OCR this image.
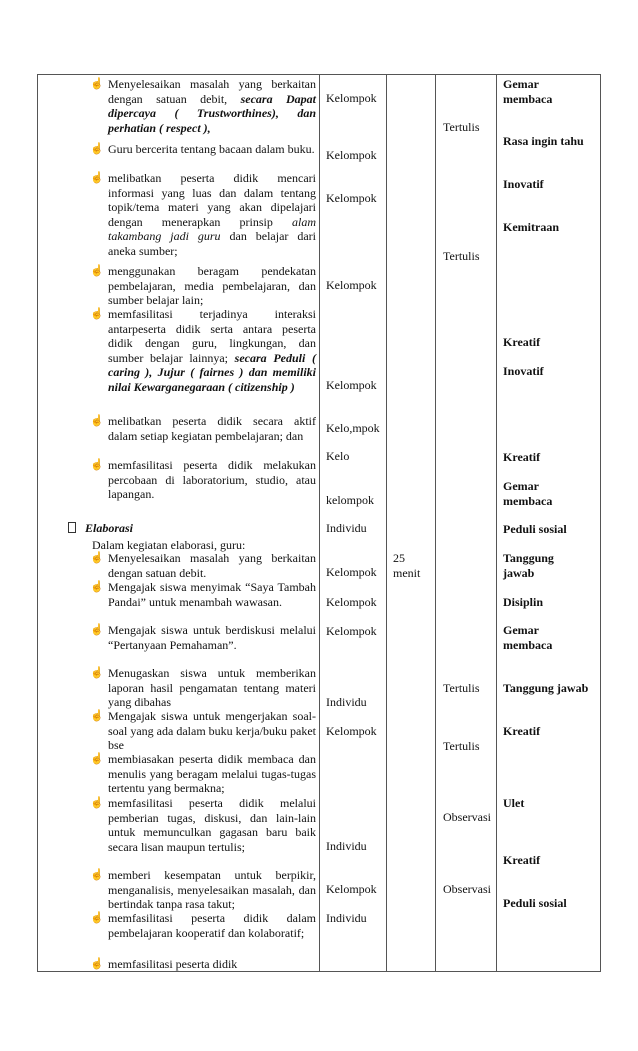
☝ Menyelesaikan masalah yang berkaitan dengan satuan debit, secara Dapat dipercaya ( Trustworthines), dan perhatian ( respect ),
☝ Guru bercerita tentang bacaan dalam buku.
☝ melibatkan peserta didik mencari informasi yang luas dan dalam tentang topik/tema materi yang akan dipelajari dengan menerapkan prinsip alam takambang jadi guru dan belajar dari aneka sumber;
☝ menggunakan beragam pendekatan pembelajaran, media pembelajaran, dan sumber belajar lain;
☝ memfasilitasi terjadinya interaksi antarpeserta didik serta antara peserta didik dengan guru, lingkungan, dan sumber belajar lainnya; secara Peduli ( caring ), Jujur ( fairnes ) dan memiliki nilai Kewarganegaraan ( citizenship )
☝ melibatkan peserta didik secara aktif dalam setiap kegiatan pembelajaran; dan
☝ memfasilitasi peserta didik melakukan percobaan di laboratorium, studio, atau lapangan.
☝ Menyelesaikan masalah yang berkaitan dengan satuan debit.
☝ Mengajak siswa menyimak “Saya Tambah Pandai” untuk menambah wawasan.
☝ Mengajak siswa untuk berdiskusi melalui “Pertanyaan Pemahaman”.
☝ Menugaskan siswa untuk memberikan laporan hasil pengamatan tentang materi yang dibahas
☝ Mengajak siswa untuk mengerjakan soal-soal yang ada dalam buku kerja/buku paket bse
☝ membiasakan peserta didik membaca dan menulis yang beragam melalui tugas-tugas tertentu yang bermakna;
☝ memfasilitasi peserta didik melalui pemberian tugas, diskusi, dan lain-lain untuk memunculkan gagasan baru baik secara lisan maupun tertulis;
☝ memberi kesempatan untuk berpikir, menganalisis, menyelesaikan masalah, dan bertindak tanpa rasa takut;
☝ memfasilitasi peserta didik dalam pembelajaran kooperatif dan kolaboratif;
☝ memfasilitasi peserta didik
Elaborasi
Dalam kegiatan elaborasi, guru:
Kelompok
Kelompok
Kelompok
Kelompok
Kelompok
Kelo,mpok
Kelo
kelompok
Individu
Kelompok
Kelompok
Kelompok
Individu
Kelompok
Individu
Kelompok
Individu
25
menit
Tertulis
Tertulis
Tertulis
Tertulis
Observasi
Observasi
Gemar membaca
Rasa ingin tahu
Inovatif
Kemitraan
Kreatif
Inovatif
Kreatif
Gemar membaca
Peduli sosial
Tanggung jawab
Disiplin
Gemar membaca
Tanggung jawab
Kreatif
Ulet
Kreatif
Peduli sosial
